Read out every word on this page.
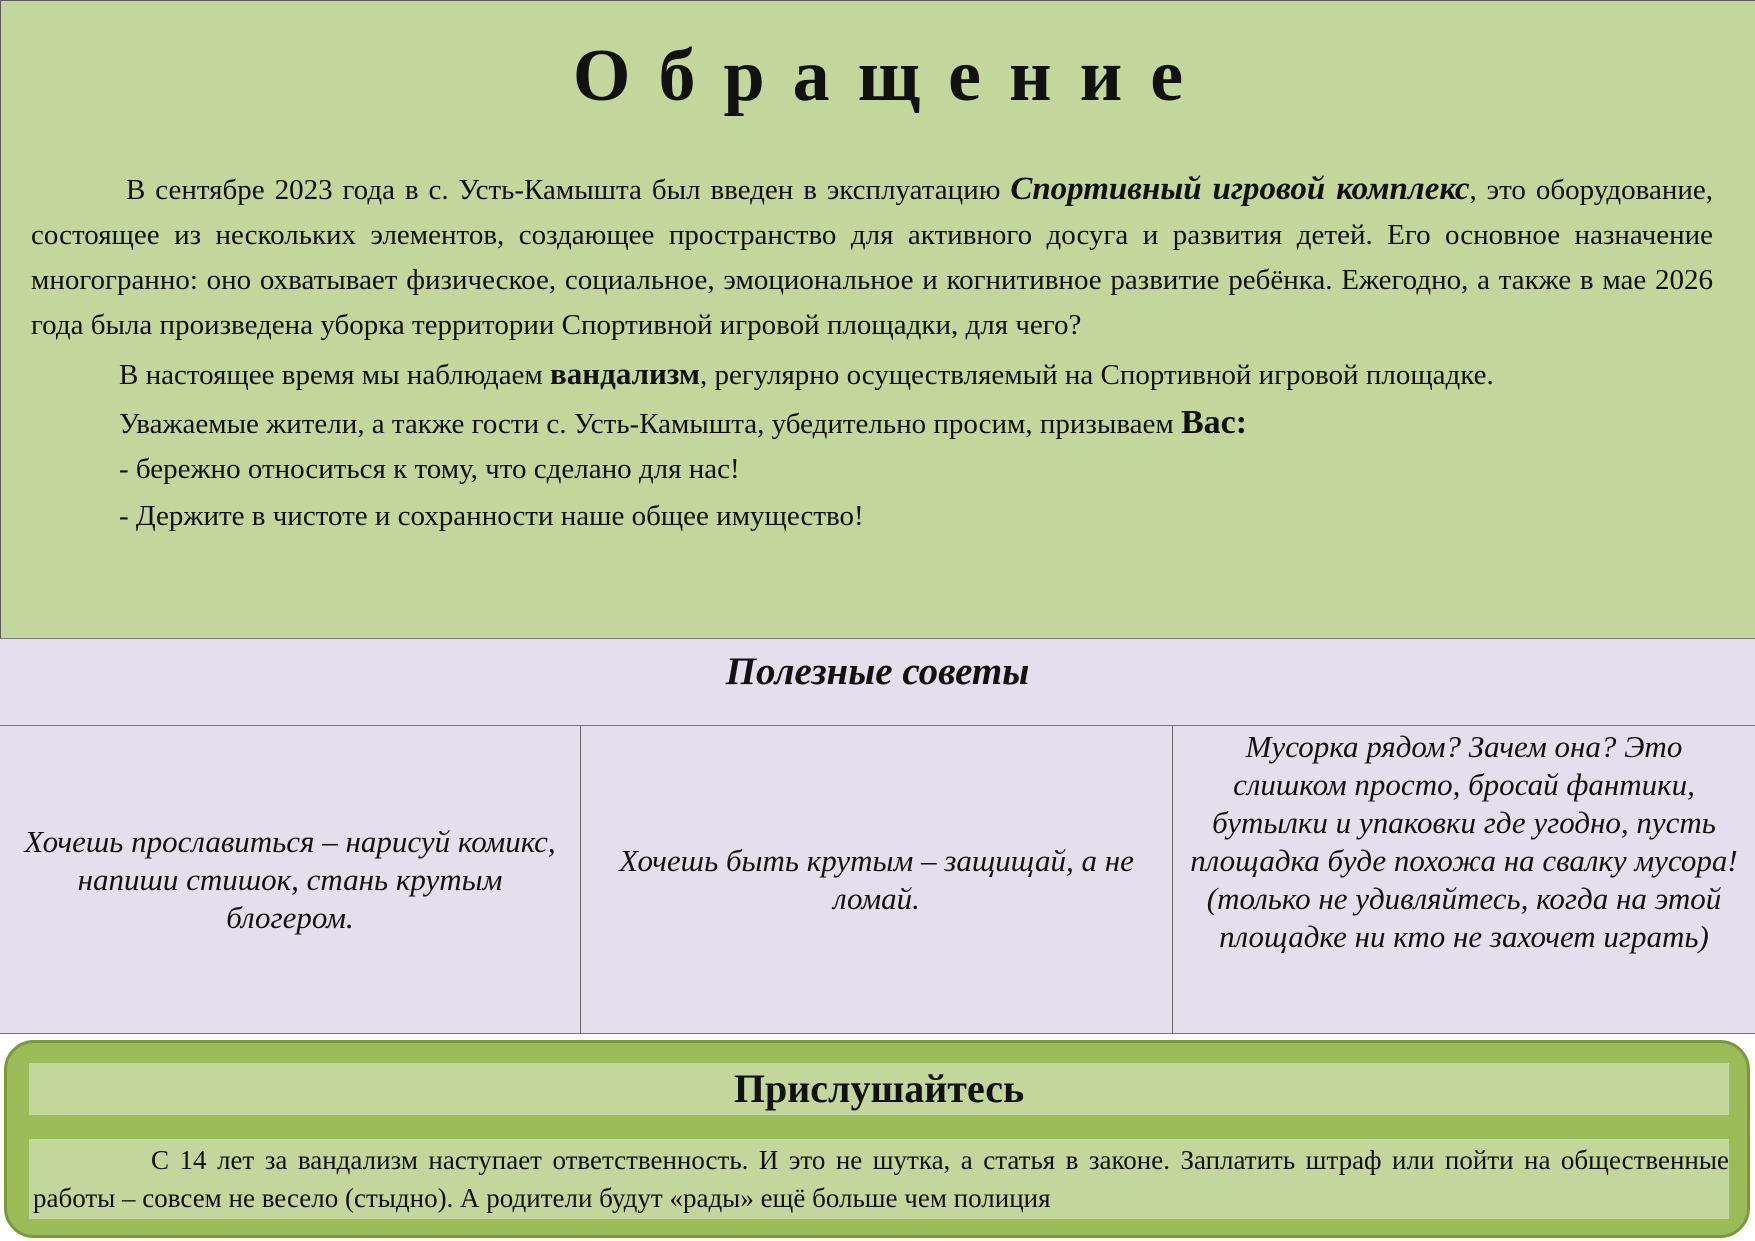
Обращение

В сентябре 2023 года в с. Усть-Камышта был введен в эксплуатацию Спортивный игровой комплекс, это оборудование, состоящее из нескольких элементов, создающее пространство для активного досуга и развития детей. Его основное назначение многогранно: оно охватывает физическое, социальное, эмоциональное и когнитивное развитие ребёнка. Ежегодно, а также в мае 2026 года была произведена уборка территории Спортивной игровой площадки, для чего?

В настоящее время мы наблюдаем вандализм, регулярно осуществляемый на Спортивной игровой площадке.

Уважаемые жители, а также гости с. Усть-Камышта, убедительно просим, призываем Вас:

- бережно относиться к тому, что сделано для нас!

- Держите в чистоте и сохранности наше общее имущество!

Полезные советы
Хочешь прославиться – нарисуй комикс, напиши стишок, стань крутым блогером.
Хочешь быть крутым – защищай, а не ломай.
Мусорка рядом? Зачем она? Это слишком просто, бросай фантики, бутылки и упаковки где угодно, пусть площадка буде похожа на свалку мусора!
(только не удивляйтесь, когда на этой площадке ни кто не захочет играть)
Прислушайтесь
С 14 лет за вандализм наступает ответственность. И это не шутка, а статья в законе. Заплатить штраф или пойти на общественные работы – совсем не весело (стыдно). А родители будут «рады» ещё больше чем полиция
